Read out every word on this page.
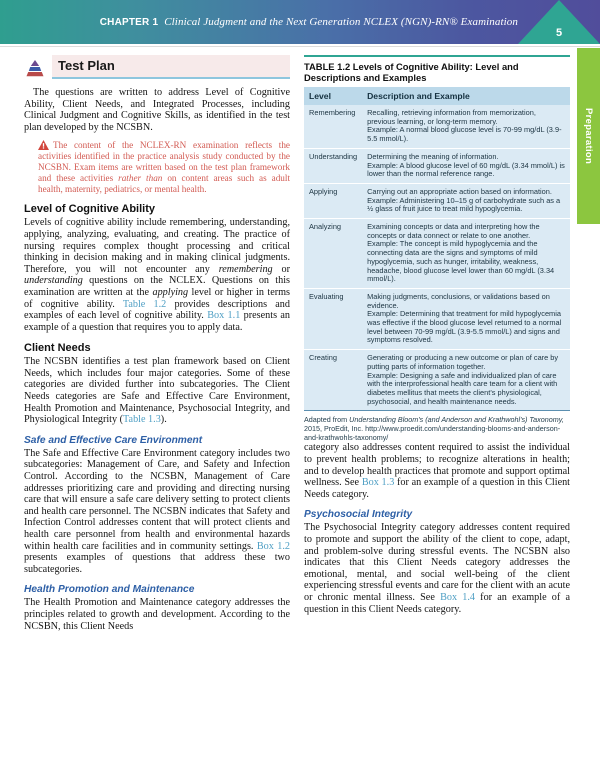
CHAPTER 1 Clinical Judgment and the Next Generation NCLEX (NGN)-RN® Examination
5
Preparation
Test Plan

The questions are written to address Level of Cognitive Ability, Client Needs, and Integrated Processes, including Clinical Judgment and Cognitive Skills, as identified in the test plan developed by the NCSBN.

The content of the NCLEX-RN examination reflects the activities identified in the practice analysis study conducted by the NCSBN. Exam items are written based on the test plan framework and these activities rather than on content areas such as adult health, maternity, pediatrics, or mental health.
Level of Cognitive Ability

Levels of cognitive ability include remembering, understanding, applying, analyzing, evaluating, and creating. The practice of nursing requires complex thought processing and critical thinking in decision making and in making clinical judgments. Therefore, you will not encounter any remembering or understanding questions on the NCLEX. Questions on this examination are written at the applying level or higher in terms of cognitive ability. Table 1.2 provides descriptions and examples of each level of cognitive ability. Box 1.1 presents an example of a question that requires you to apply data.

Client Needs

The NCSBN identifies a test plan framework based on Client Needs, which includes four major categories. Some of these categories are divided further into subcategories. The Client Needs categories are Safe and Effective Care Environment, Health Promotion and Maintenance, Psychosocial Integrity, and Physiological Integrity (Table 1.3).

Safe and Effective Care Environment

The Safe and Effective Care Environment category includes two subcategories: Management of Care, and Safety and Infection Control. According to the NCSBN, Management of Care addresses prioritizing care and providing and directing nursing care that will ensure a safe care delivery setting to protect clients and health care personnel. The NCSBN indicates that Safety and Infection Control addresses content that will protect clients and health care personnel from health and environmental hazards within health care facilities and in community settings. Box 1.2 presents examples of questions that address these two subcategories.

Health Promotion and Maintenance

The Health Promotion and Maintenance category addresses the principles related to growth and development. According to the NCSBN, this Client Needs

TABLE 1.2 Levels of Cognitive Ability: Level and Descriptions and Examples
Level	Description and Example
Remembering	Recalling, retrieving information from memorization, previous learning, or long-term memory.
Example: A normal blood glucose level is 70-99 mg/dL (3.9-5.5 mmol/L).
Understanding	Determining the meaning of information.
Example: A blood glucose level of 60 mg/dL (3.34 mmol/L) is lower than the normal reference range.
Applying	Carrying out an appropriate action based on information.
Example: Administering 10–15 g of carbohydrate such as a ½ glass of fruit juice to treat mild hypoglycemia.
Analyzing	Examining concepts or data and interpreting how the concepts or data connect or relate to one another.
Example: The concept is mild hypoglycemia and the connecting data are the signs and symptoms of mild hypoglycemia, such as hunger, irritability, weakness, headache, blood glucose level lower than 60 mg/dL (3.34 mmol/L).
Evaluating	Making judgments, conclusions, or validations based on evidence.
Example: Determining that treatment for mild hypoglycemia was effective if the blood glucose level returned to a normal level between 70-99 mg/dL (3.9-5.5 mmol/L) and signs and symptoms resolved.
Creating	Generating or producing a new outcome or plan of care by putting parts of information together.
Example: Designing a safe and individualized plan of care with the interprofessional health care team for a client with diabetes mellitus that meets the client's physiological, psychosocial, and health maintenance needs.
Adapted from Understanding Bloom's (and Anderson and Krathwohl's) Taxonomy, 2015, ProEdit, Inc. http://www.proedit.com/understanding-blooms-and-anderson-and-krathwohls-taxonomy/

category also addresses content required to assist the individual to prevent health problems; to recognize alterations in health; and to develop health practices that promote and support optimal wellness. See Box 1.3 for an example of a question in this Client Needs category.

Psychosocial Integrity

The Psychosocial Integrity category addresses content required to promote and support the ability of the client to cope, adapt, and problem-solve during stressful events. The NCSBN also indicates that this Client Needs category addresses the emotional, mental, and social well-being of the client experiencing stressful events and care for the client with an acute or chronic mental illness. See Box 1.4 for an example of a question in this Client Needs category.
